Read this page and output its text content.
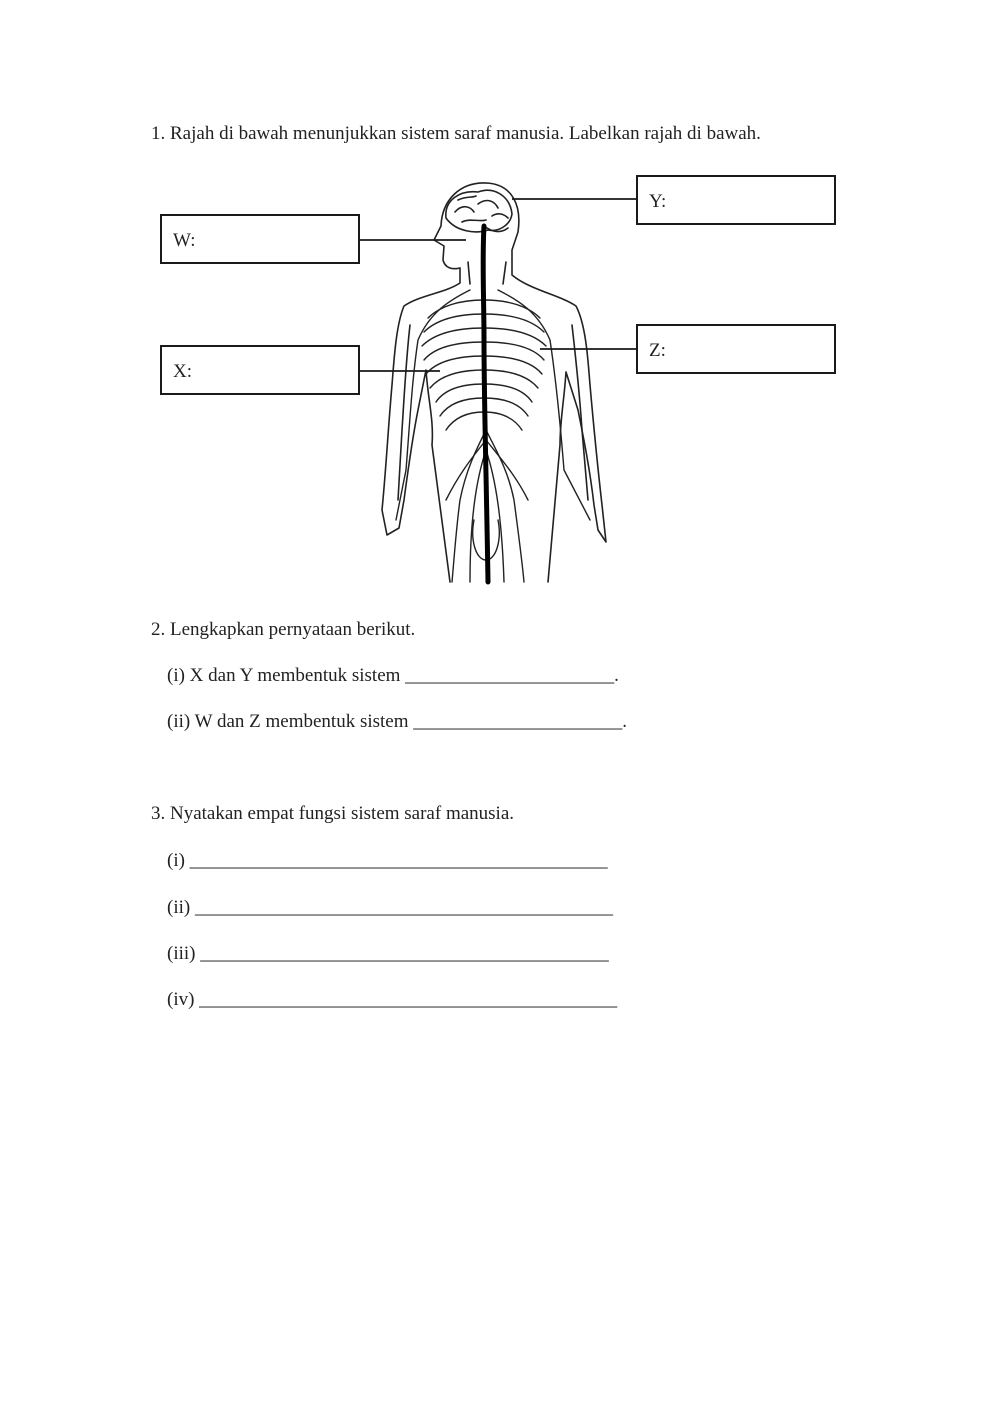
1. Rajah di bawah menunjukkan sistem saraf manusia. Labelkan rajah di bawah.

W:
X:
Y:
Z:

2. Lengkapkan pernyataan berikut.

(i) X dan Y membentuk sistem ______________________.

(ii) W dan Z membentuk sistem ______________________.

3. Nyatakan empat fungsi sistem saraf manusia.

(i) ____________________________________________

(ii) ____________________________________________

(iii) ___________________________________________

(iv) ____________________________________________
